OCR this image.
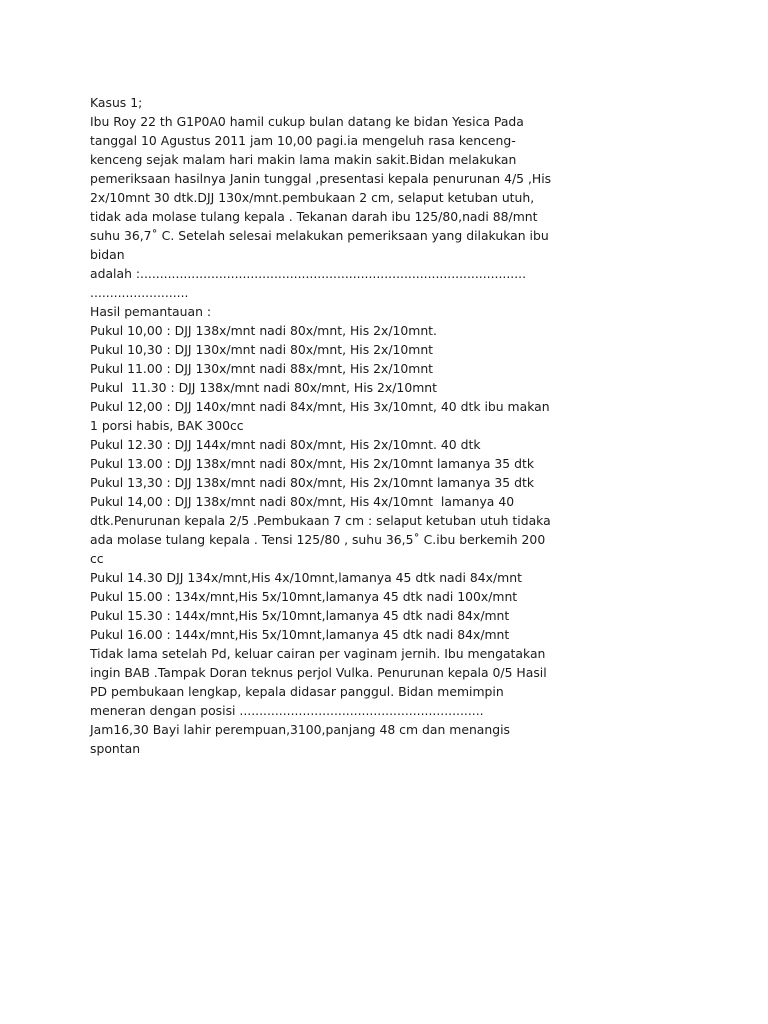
Kasus 1;
Ibu Roy 22 th G1P0A0 hamil cukup bulan datang ke bidan Yesica Pada
tanggal 10 Agustus 2011 jam 10,00 pagi.ia mengeluh rasa kenceng-
kenceng sejak malam hari makin lama makin sakit.Bidan melakukan
pemeriksaan hasilnya Janin tunggal ,presentasi kepala penurunan 4/5 ,His
2x/10mnt 30 dtk.DJJ 130x/mnt.pembukaan 2 cm, selaput ketuban utuh,
tidak ada molase tulang kepala . Tekanan darah ibu 125/80,nadi 88/mnt
suhu 36,7˚ C. Setelah selesai melakukan pemeriksaan yang dilakukan ibu
bidan
adalah :..................................................................................................
.........................
Hasil pemantauan :
Pukul 10,00 : DJJ 138x/mnt nadi 80x/mnt, His 2x/10mnt.
Pukul 10,30 : DJJ 130x/mnt nadi 80x/mnt, His 2x/10mnt
Pukul 11.00 : DJJ 130x/mnt nadi 88x/mnt, His 2x/10mnt
Pukul  11.30 : DJJ 138x/mnt nadi 80x/mnt, His 2x/10mnt
Pukul 12,00 : DJJ 140x/mnt nadi 84x/mnt, His 3x/10mnt, 40 dtk ibu makan
1 porsi habis, BAK 300cc
Pukul 12.30 : DJJ 144x/mnt nadi 80x/mnt, His 2x/10mnt. 40 dtk
Pukul 13.00 : DJJ 138x/mnt nadi 80x/mnt, His 2x/10mnt lamanya 35 dtk
Pukul 13,30 : DJJ 138x/mnt nadi 80x/mnt, His 2x/10mnt lamanya 35 dtk
Pukul 14,00 : DJJ 138x/mnt nadi 80x/mnt, His 4x/10mnt  lamanya 40
dtk.Penurunan kepala 2/5 .Pembukaan 7 cm : selaput ketuban utuh tidaka
ada molase tulang kepala . Tensi 125/80 , suhu 36,5˚ C.ibu berkemih 200
cc
Pukul 14.30 DJJ 134x/mnt,His 4x/10mnt,lamanya 45 dtk nadi 84x/mnt
Pukul 15.00 : 134x/mnt,His 5x/10mnt,lamanya 45 dtk nadi 100x/mnt
Pukul 15.30 : 144x/mnt,His 5x/10mnt,lamanya 45 dtk nadi 84x/mnt
Pukul 16.00 : 144x/mnt,His 5x/10mnt,lamanya 45 dtk nadi 84x/mnt
Tidak lama setelah Pd, keluar cairan per vaginam jernih. Ibu mengatakan
ingin BAB .Tampak Doran teknus perjol Vulka. Penurunan kepala 0/5 Hasil
PD pembukaan lengkap, kepala didasar panggul. Bidan memimpin
meneran dengan posisi ..............................................................
Jam16,30 Bayi lahir perempuan,3100,panjang 48 cm dan menangis
spontan
